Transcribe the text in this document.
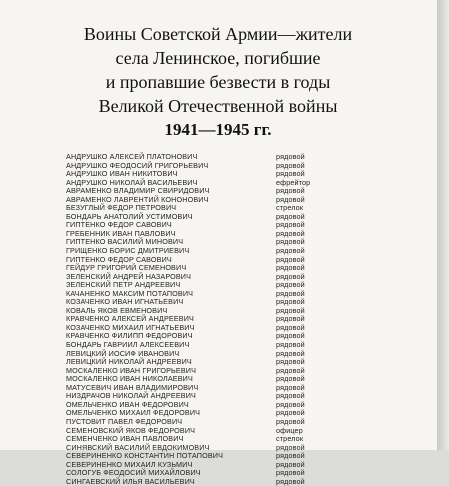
Воины Советской Армии—жители
села Ленинское, погибшие
и пропавшие безвести в годы
Великой Отечественной войны
1941—1945 гг.
АНДРУШКО АЛЕКСЕЙ ПЛАТОНОВИЧ	рядовой
АНДРУШКО ФЕОДОСИЙ ГРИГОРЬЕВИЧ	рядовой
АНДРУШКО ИВАН НИКИТОВИЧ	рядовой
АНДРУШКО НИКОЛАЙ ВАСИЛЬЕВИЧ	ефрейтор
АВРАМЕНКО ВЛАДИМИР СВИРИДОВИЧ	рядовой
АВРАМЕНКО ЛАВРЕНТИЙ КОНОНОВИЧ	рядовой
БЕЗУГЛЫЙ ФЕДОР ПЕТРОВИЧ	стрелок
БОНДАРЬ АНАТОЛИЙ УСТИМОВИЧ	рядовой
ГИПТЕНКО ФЕДОР САВОВИЧ	рядовой
ГРЕБЕННИК ИВАН ПАВЛОВИЧ	рядовой
ГИПТЕНКО ВАСИЛИЙ МИНОВИЧ	рядовой
ГРИЩЕНКО БОРИС ДМИТРИЕВИЧ	рядовой
ГИПТЕНКО ФЕДОР САВОВИЧ	рядовой
ГЕЙДУР ГРИГОРИЙ СЕМЕНОВИЧ	рядовой
ЗЕЛЕНСКИЙ АНДРЕЙ НАЗАРОВИЧ	рядовой
ЗЕЛЕНСКИЙ ПЕТР АНДРЕЕВИЧ	рядовой
КАЧАНЕНКО МАКСИМ ПОТАПОВИЧ	рядовой
КОЗАЧЕНКО ИВАН ИГНАТЬЕВИЧ	рядовой
КОВАЛЬ ЯКОВ ЕВМЕНОВИЧ	рядовой
КРАВЧЕНКО АЛЕКСЕЙ АНДРЕЕВИЧ	рядовой
КОЗАЧЕНКО МИХАИЛ ИГНАТЬЕВИЧ	рядовой
КРАВЧЕНКО ФИЛИПП ФЕДОРОВИЧ	рядовой
БОНДАРЬ ГАВРИИЛ АЛЕКСЕЕВИЧ	рядовой
ЛЕВИЦКИЙ ИОСИФ ИВАНОВИЧ	рядовой
ЛЕВИЦКИЙ НИКОЛАЙ АНДРЕЕВИЧ	рядовой
МОСКАЛЕНКО ИВАН ГРИГОРЬЕВИЧ	рядовой
МОСКАЛЕНКО ИВАН НИКОЛАЕВИЧ	рядовой
МАТУСЕВИЧ ИВАН ВЛАДИМИРОВИЧ	рядовой
НИЗДРАЧОВ НИКОЛАЙ АНДРЕЕВИЧ	рядовой
ОМЕЛЬЧЕНКО ИВАН ФЕДОРОВИЧ	рядовой
ОМЕЛЬЧЕНКО МИХАИЛ ФЕДОРОВИЧ	рядовой
ПУСТОВИТ ПАВЕЛ ФЕДОРОВИЧ	рядовой
СЕМЕНОВСКИЙ ЯКОВ ФЕДОРОВИЧ	офицер
СЕМЕНЧЕНКО ИВАН ПАВЛОВИЧ	стрелок
СИНЯВСКИЙ ВАСИЛИЙ ЕВДОКИМОВИЧ	рядовой
СЕВЕРИНЕНКО КОНСТАНТИН ПОТАПОВИЧ	рядовой
СЕВЕРИНЕНКО МИХАИЛ КУЗЬМИЧ	рядовой
СОЛОГУБ ФЕОДОСИЙ МИХАЙЛОВИЧ	рядовой
СИНГАЕВСКИЙ ИЛЬЯ ВАСИЛЬЕВИЧ	рядовой
